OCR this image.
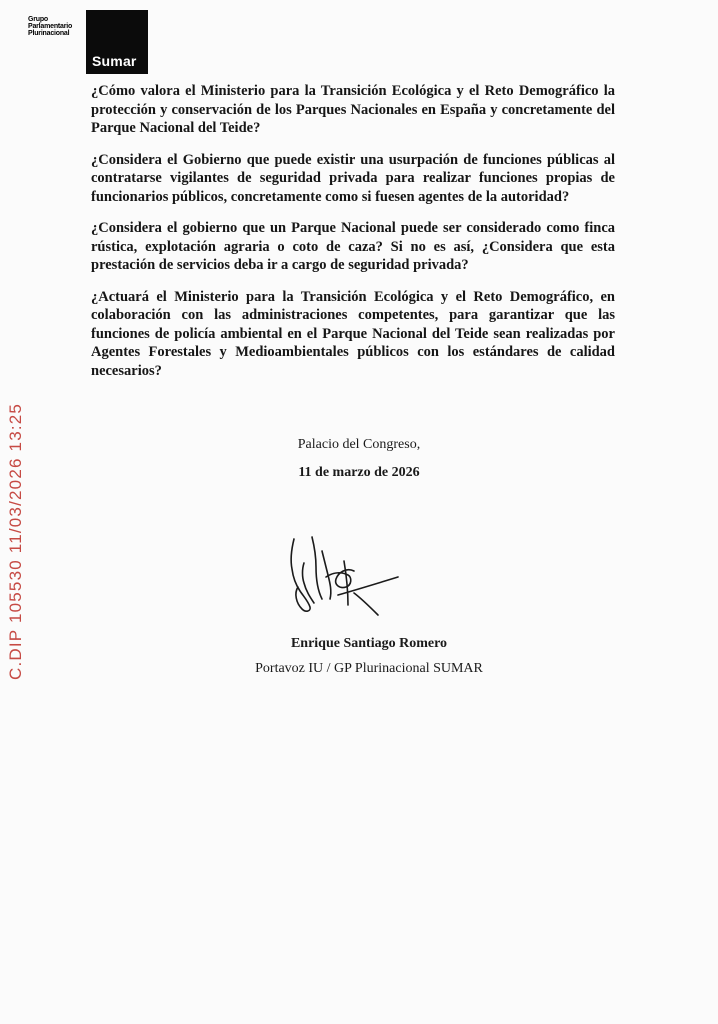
Grupo
Parlamentario
Plurinacional
Sumar

¿Cómo valora el Ministerio para la Transición Ecológica y el Reto Demográfico la protección y conservación de los Parques Nacionales en España y concretamente del Parque Nacional del Teide?

¿Considera el Gobierno que puede existir una usurpación de funciones públicas al contratarse vigilantes de seguridad privada para realizar funciones propias de funcionarios públicos, concretamente como si fuesen agentes de la autoridad?

¿Considera el gobierno que un Parque Nacional puede ser considerado como finca rústica, explotación agraria o coto de caza? Si no es así, ¿Considera que esta prestación de servicios deba ir a cargo de seguridad privada?

¿Actuará el Ministerio para la Transición Ecológica y el Reto Demográfico, en colaboración con las administraciones competentes, para garantizar que las funciones de policía ambiental en el Parque Nacional del Teide sean realizadas por Agentes Forestales y Medioambientales públicos con los estándares de calidad necesarios?

Palacio del Congreso,
11 de marzo de 2026
Enrique Santiago Romero
Portavoz IU / GP Plurinacional SUMAR
C.DIP 105530 11/03/2026 13:25
